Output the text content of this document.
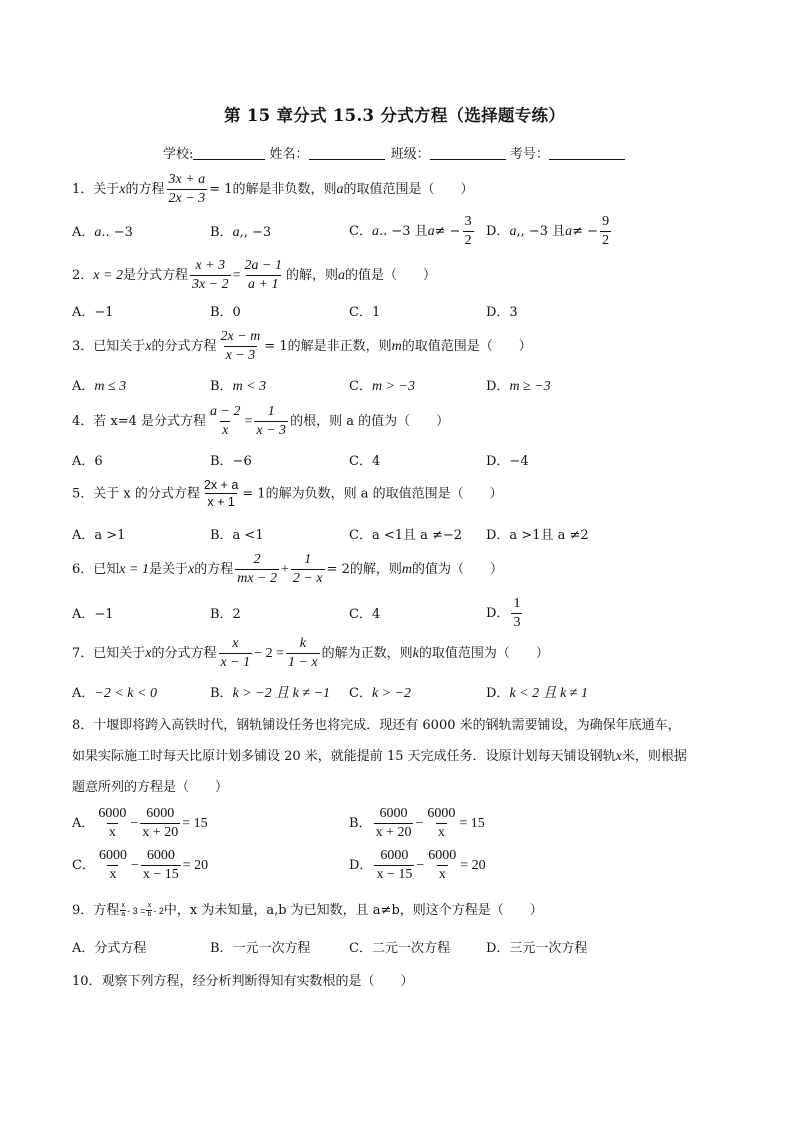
第 15 章分式 15.3 分式方程（选择题专练）
学校:	姓名：	班级：	考号：
1．关于x的方程 $\frac{3x + a}{2x - 3} = 1$的解是非负数，则a的取值范围是（　　）
A．a.. −3	B．a,, −3	C．a.. −3 且$a\ne - \frac{3}{2}$ D．a,, −3 且$a\ne - \frac{9}{2}$
2．x = 2是分式方程 $\frac{x + 3}{3x - 2} = \frac{2a - 1}{a + 1}$ 的解，则a的值是（　　）
A．−1	B．0	C．1	D．3
3．已知关于x的分式方程 $\frac{2x - m}{x - 3} = 1$的解是非正数，则m的取值范围是（　　）
A．m ≤ 3	B．m < 3	C．m > −3	D．m ≥ −3
4．若 x=4 是分式方程 $\frac{a - 2}{x} = \frac{1}{x - 3}$ 的根，则 a 的值为（　　）
A．6	B．−6	C．4	D．−4
5．关于 x 的分式方程 $\frac{2x + a}{x + 1} = 1$的解为负数，则 a 的取值范围是（　　）
A．a >1	B．a <1	C．a <1且 a ≠−2 D．a >1且 a ≠2
6．已知x = 1是关于x的方程 $\frac{2}{mx - 2} + \frac{1}{2 - x} = 2$的解，则m的值为（　　）
A．−1	B．2	C．4	D． $\frac{1}{3}$
7．已知关于x的分式方程 $\frac{x}{x - 1} - 2 = \frac{k}{1 - x}$ 的解为正数，则k的取值范围为（　　）
A．−2 < k < 0	B．k > −2 且 k ≠ −1 C．k > −2	D．k < 2 且 k ≠ 1
8．十堰即将跨入高铁时代，钢轨铺设任务也将完成．现还有 6000 米的钢轨需要铺设，为确保年底通车，
如果实际施工时每天比原计划多铺设 20 米，就能提前 15 天完成任务．设原计划每天铺设钢轨x米，则根据
题意所列的方程是（　　）
A． $\frac{6000}{x} - \frac{6000}{x + 20} = 15$	B． $\frac{6000}{x + 20} - \frac{6000}{x} = 15$
C． $\frac{6000}{x} - \frac{6000}{x - 15} = 20$	D． $\frac{6000}{x - 15} - \frac{6000}{x} = 20$
9．方程 $\frac{x}{a} - 3 = \frac{x}{b} - 2$中，x 为未知量，a,b 为已知数，且 a≠b，则这个方程是（　　）
A．分式方程	B．一元一次方程	C．二元一次方程	D．三元一次方程
10．观察下列方程，经分析判断得知有实数根的是（　　）
